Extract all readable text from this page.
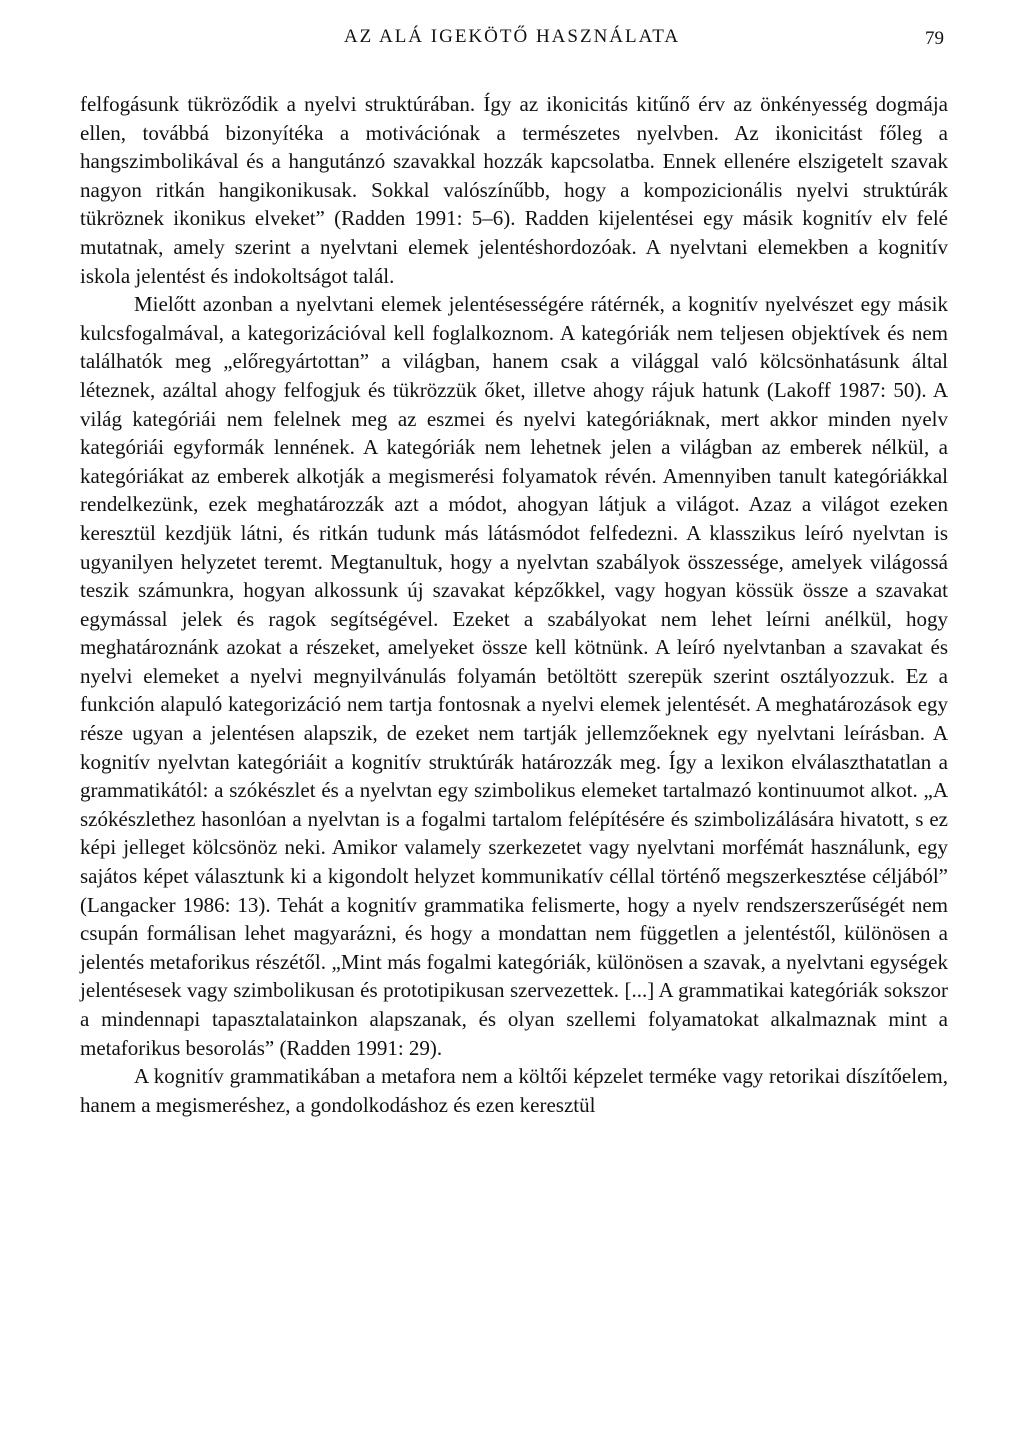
AZ ALÁ IGEKÖTŐ HASZNÁLATA	79

felfogásunk tükröződik a nyelvi struktúrában. Így az ikonicitás kitűnő érv az önkényesség dogmája ellen, továbbá bizonyítéka a motivációnak a természetes nyelvben. Az ikonicitást főleg a hangszimbolikával és a hangutánzó szavakkal hozzák kapcsolatba. Ennek ellenére elszigetelt szavak nagyon ritkán hangikonikusak. Sokkal valószínűbb, hogy a kompozicionális nyelvi struktúrák tükröznek ikonikus elveket” (Radden 1991: 5–6). Radden kijelentései egy másik kognitív elv felé mutatnak, amely szerint a nyelvtani elemek jelentéshordozóak. A nyelvtani elemekben a kognitív iskola jelentést és indokoltságot talál.

Mielőtt azonban a nyelvtani elemek jelentésességére rátérnék, a kognitív nyelvészet egy másik kulcsfogalmával, a kategorizációval kell foglalkoznom. A kategóriák nem teljesen objektívek és nem találhatók meg „előregyártottan” a világban, hanem csak a világgal való kölcsönhatásunk által léteznek, azáltal ahogy felfogjuk és tükrözzük őket, illetve ahogy rájuk hatunk (Lakoff 1987: 50). A világ kategóriái nem felelnek meg az eszmei és nyelvi kategóriáknak, mert akkor minden nyelv kategóriái egyformák lennének. A kategóriák nem lehetnek jelen a világban az emberek nélkül, a kategóriákat az emberek alkotják a megismerési folyamatok révén. Amennyiben tanult kategóriákkal rendelkezünk, ezek meghatározzák azt a módot, ahogyan látjuk a világot. Azaz a világot ezeken keresztül kezdjük látni, és ritkán tudunk más látásmódot felfedezni. A klasszikus leíró nyelvtan is ugyanilyen helyzetet teremt. Megtanultuk, hogy a nyelvtan szabályok összessége, amelyek világossá teszik számunkra, hogyan alkossunk új szavakat képzőkkel, vagy hogyan kössük össze a szavakat egymással jelek és ragok segítségével. Ezeket a szabályokat nem lehet leírni anélkül, hogy meghatároznánk azokat a részeket, amelyeket össze kell kötnünk. A leíró nyelvtanban a szavakat és nyelvi elemeket a nyelvi megnyilvánulás folyamán betöltött szerepük szerint osztályozzuk. Ez a funkción alapuló kategorizáció nem tartja fontosnak a nyelvi elemek jelentését. A meghatározások egy része ugyan a jelentésen alapszik, de ezeket nem tartják jellemzőeknek egy nyelvtani leírásban. A kognitív nyelvtan kategóriáit a kognitív struktúrák határozzák meg. Így a lexikon elválaszthatatlan a grammatikától: a szókészlet és a nyelvtan egy szimbolikus elemeket tartalmazó kontinuumot alkot. „A szókészlethez hasonlóan a nyelvtan is a fogalmi tartalom felépítésére és szimbolizálására hivatott, s ez képi jelleget kölcsönöz neki. Amikor valamely szerkezetet vagy nyelvtani morfémát használunk, egy sajátos képet választunk ki a kigondolt helyzet kommunikatív céllal történő megszerkesztése céljából” (Langacker 1986: 13). Tehát a kognitív grammatika felismerte, hogy a nyelv rendszerszerűségét nem csupán formálisan lehet magyarázni, és hogy a mondattan nem független a jelentéstől, különösen a jelentés metaforikus részétől. „Mint más fogalmi kategóriák, különösen a szavak, a nyelvtani egységek jelentésesek vagy szimbolikusan és prototipikusan szervezettek. [...] A grammatikai kategóriák sokszor a mindennapi tapasztalatainkon alapszanak, és olyan szellemi folyamatokat alkalmaznak mint a metaforikus besorolás” (Radden 1991: 29).

A kognitív grammatikában a metafora nem a költői képzelet terméke vagy retorikai díszítőelem, hanem a megismeréshez, a gondolkodáshoz és ezen keresztül
